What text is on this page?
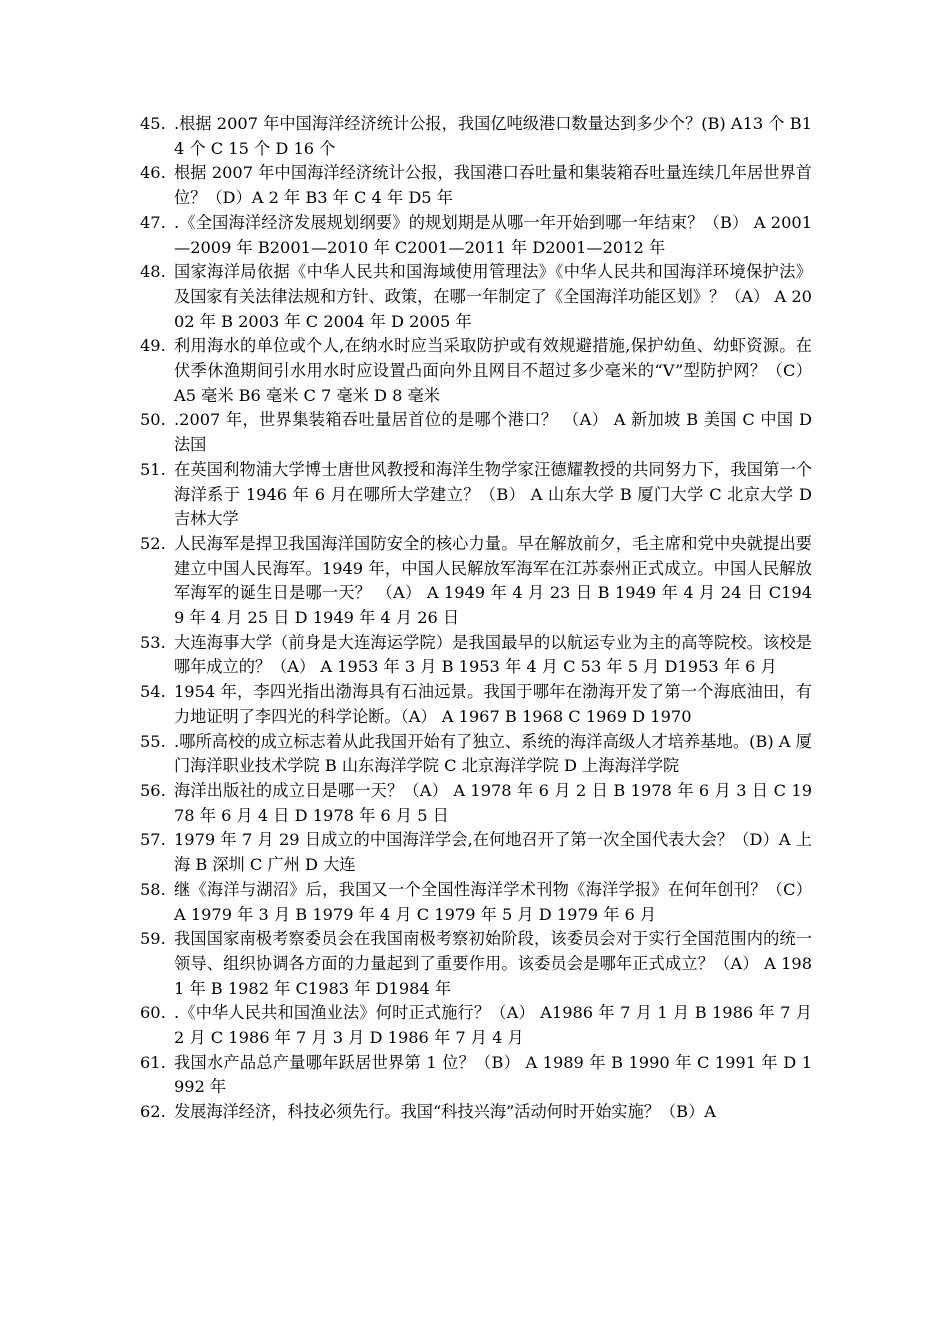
45. .根据 2007 年中国海洋经济统计公报，我国亿吨级港口数量达到多少个？(B) A13 个 B14 个 C 15 个 D 16 个
46. 根据 2007 年中国海洋经济统计公报，我国港口吞吐量和集装箱吞吐量连续几年居世界首位？（D）A 2 年 B3 年 C 4 年 D5 年
47. .《全国海洋经济发展规划纲要》的规划期是从哪一年开始到哪一年结束？（B） A 2001—2009 年 B2001—2010 年 C2001—2011 年 D2001—2012 年
48. 国家海洋局依据《中华人民共和国海域使用管理法》《中华人民共和国海洋环境保护法》及国家有关法律法规和方针、政策，在哪一年制定了《全国海洋功能区划》？（A） A 2002 年 B 2003 年 C 2004 年 D 2005 年
49. 利用海水的单位或个人,在纳水时应当采取防护或有效规避措施,保护幼鱼、幼虾资源。在伏季休渔期间引水用水时应设置凸面向外且网目不超过多少毫米的“V”型防护网？（C） A5 毫米 B6 毫米 C 7 毫米 D 8 毫米
50. .2007 年，世界集装箱吞吐量居首位的是哪个港口？ （A） A 新加坡 B 美国 C 中国 D 法国
51. 在英国利物浦大学博士唐世风教授和海洋生物学家汪德耀教授的共同努力下，我国第一个海洋系于 1946 年 6 月在哪所大学建立？（B） A 山东大学 B 厦门大学 C 北京大学 D 吉林大学
52. 人民海军是捍卫我国海洋国防安全的核心力量。早在解放前夕，毛主席和党中央就提出要建立中国人民海军。1949 年，中国人民解放军海军在江苏泰州正式成立。中国人民解放军海军的诞生日是哪一天？ （A） A 1949 年 4 月 23 日 B 1949 年 4 月 24 日 C1949 年 4 月 25 日 D 1949 年 4 月 26 日
53. 大连海事大学（前身是大连海运学院）是我国最早的以航运专业为主的高等院校。该校是哪年成立的？（A） A 1953 年 3 月 B 1953 年 4 月 C 53 年 5 月 D1953 年 6 月
54. 1954 年，李四光指出渤海具有石油远景。我国于哪年在渤海开发了第一个海底油田，有力地证明了李四光的科学论断。（A） A 1967 B 1968 C 1969 D 1970
55. .哪所高校的成立标志着从此我国开始有了独立、系统的海洋高级人才培养基地。(B) A 厦门海洋职业技术学院 B 山东海洋学院 C 北京海洋学院 D 上海海洋学院
56. 海洋出版社的成立日是哪一天？（A） A 1978 年 6 月 2 日 B 1978 年 6 月 3 日 C 1978 年 6 月 4 日 D 1978 年 6 月 5 日
57. 1979 年 7 月 29 日成立的中国海洋学会,在何地召开了第一次全国代表大会？（D）A 上海 B 深圳 C 广州 D 大连
58. 继《海洋与湖沼》后，我国又一个全国性海洋学术刊物《海洋学报》在何年创刊？（C） A 1979 年 3 月 B 1979 年 4 月 C 1979 年 5 月 D 1979 年 6 月
59. 我国国家南极考察委员会在我国南极考察初始阶段，该委员会对于实行全国范围内的统一领导、组织协调各方面的力量起到了重要作用。该委员会是哪年正式成立？（A） A 1981 年 B 1982 年 C1983 年 D1984 年
60. .《中华人民共和国渔业法》何时正式施行？（A） A1986 年 7 月 1 月 B 1986 年 7 月 2 月 C 1986 年 7 月 3 月 D 1986 年 7 月 4 月
61. 我国水产品总产量哪年跃居世界第 1 位？（B） A 1989 年 B 1990 年 C 1991 年 D 1992 年
62. 发展海洋经济，科技必须先行。我国“科技兴海”活动何时开始实施？（B）A
